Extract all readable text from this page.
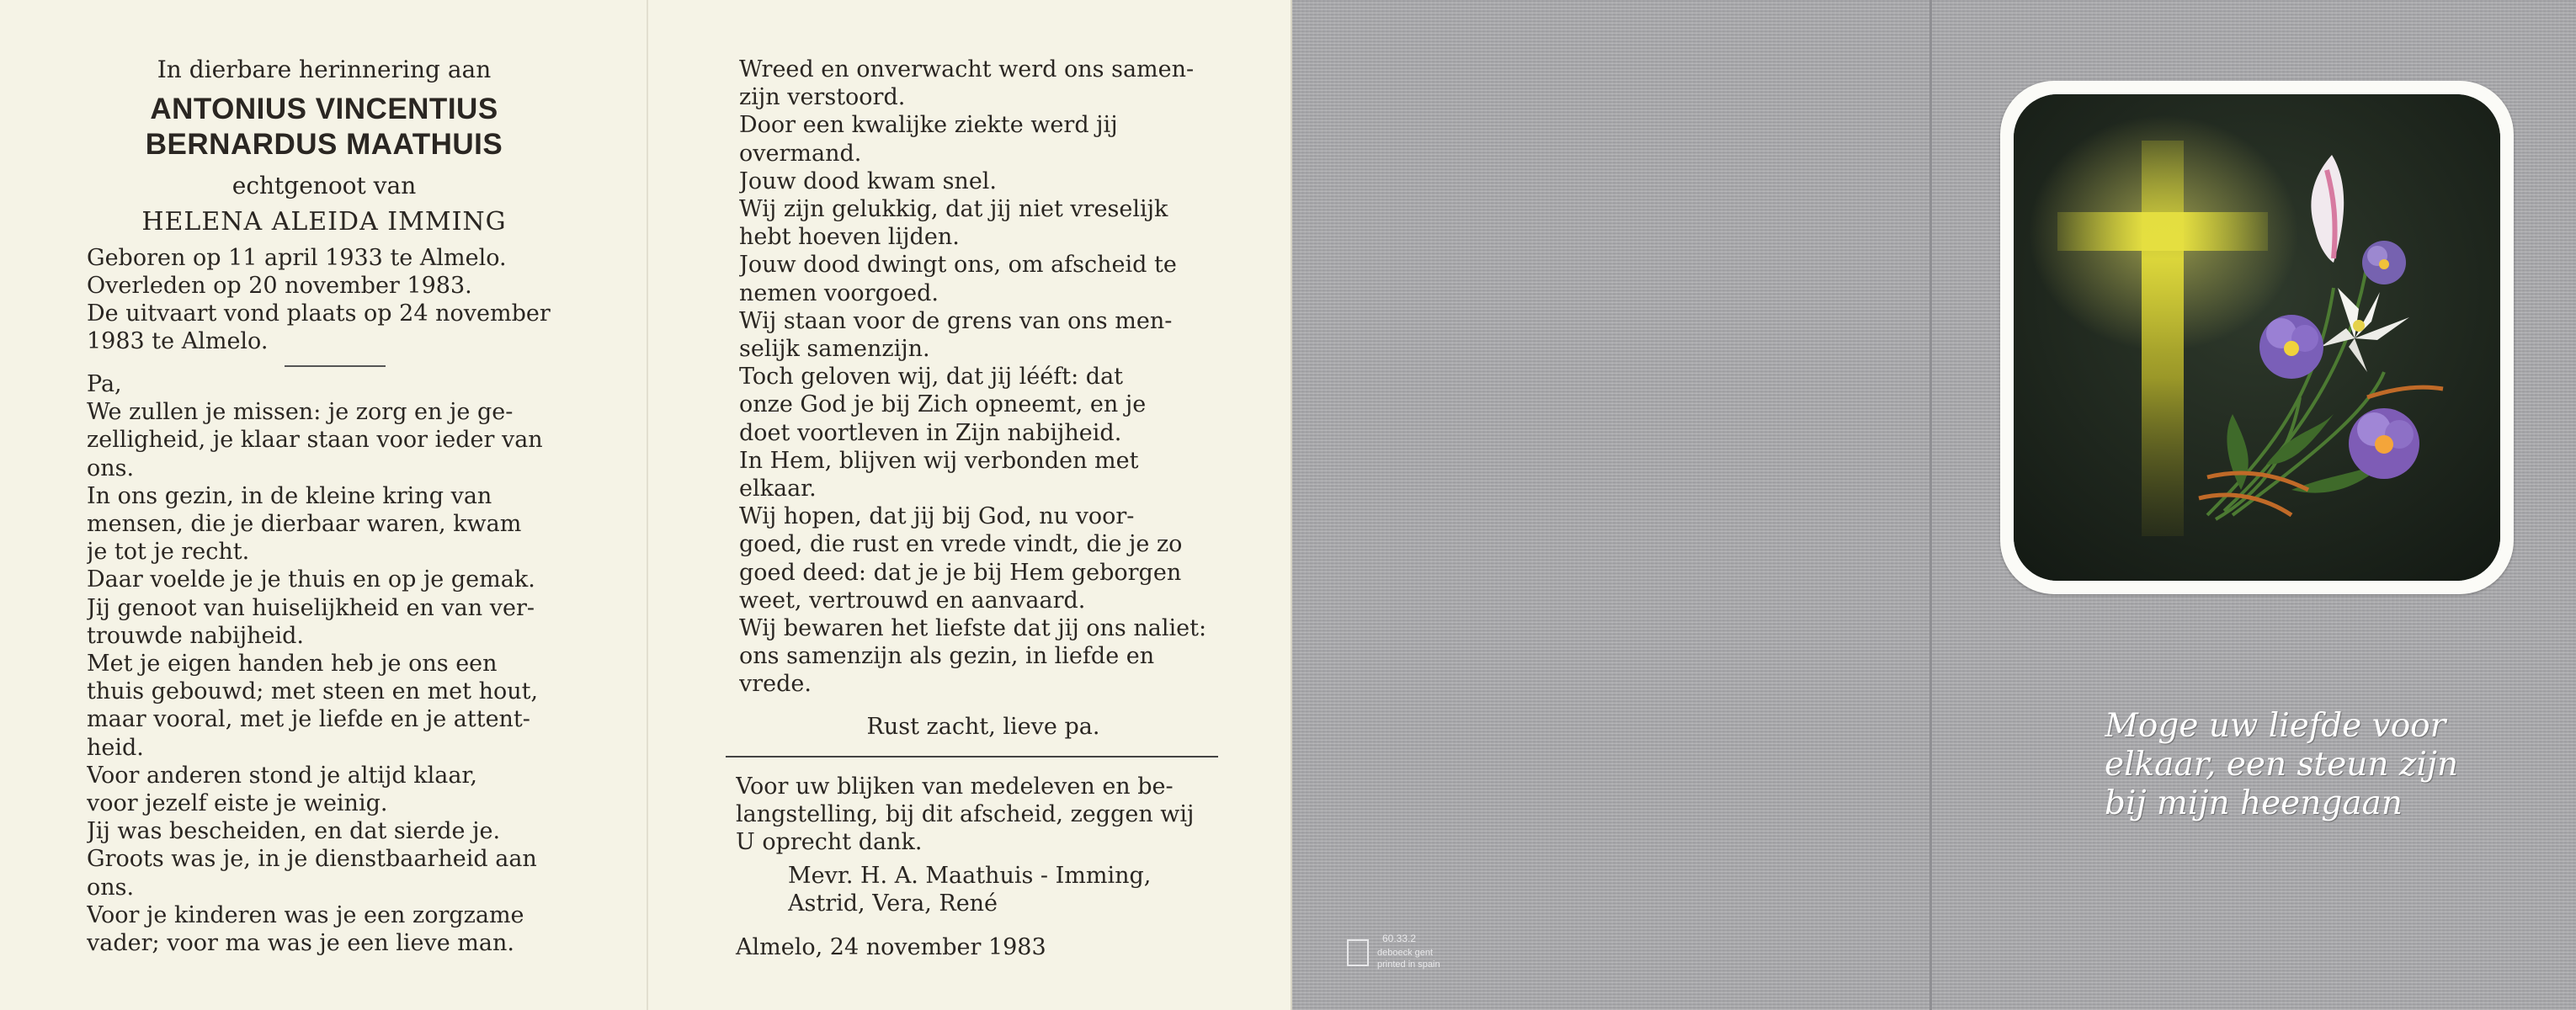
In dierbare herinnering aan
ANTONIUS VINCENTIUS
BERNARDUS MAATHUIS
echtgenoot van
HELENA ALEIDA IMMING
Geboren op 11 april 1933 te Almelo.
Overleden op 20 november 1983.
De uitvaart vond plaats op 24 november
1983 te Almelo.
Pa,
We zullen je missen: je zorg en je ge-
zelligheid, je klaar staan voor ieder van
ons.
In ons gezin, in de kleine kring van
mensen, die je dierbaar waren, kwam
je tot je recht.
Daar voelde je je thuis en op je gemak.
Jij genoot van huiselijkheid en van ver-
trouwde nabijheid.
Met je eigen handen heb je ons een
thuis gebouwd; met steen en met hout,
maar vooral, met je liefde en je attent-
heid.
Voor anderen stond je altijd klaar,
voor jezelf eiste je weinig.
Jij was bescheiden, en dat sierde je.
Groots was je, in je dienstbaarheid aan
ons.
Voor je kinderen was je een zorgzame
vader; voor ma was je een lieve man.
Wreed en onverwacht werd ons samen-
zijn verstoord.
Door een kwalijke ziekte werd jij
overmand.
Jouw dood kwam snel.
Wij zijn gelukkig, dat jij niet vreselijk
hebt hoeven lijden.
Jouw dood dwingt ons, om afscheid te
nemen voorgoed.
Wij staan voor de grens van ons men-
selijk samenzijn.
Toch geloven wij, dat jij lééft: dat
onze God je bij Zich opneemt, en je
doet voortleven in Zijn nabijheid.
In Hem, blijven wij verbonden met
elkaar.
Wij hopen, dat jij bij God, nu voor-
goed, die rust en vrede vindt, die je zo
goed deed: dat je je bij Hem geborgen
weet, vertrouwd en aanvaard.
Wij bewaren het liefste dat jij ons naliet:
ons samenzijn als gezin, in liefde en
vrede.
Rust zacht, lieve pa.
Voor uw blijken van medeleven en be-
langstelling, bij dit afscheid, zeggen wij
U oprecht dank.
Mevr. H. A. Maathuis - Imming,
Astrid, Vera, René
Almelo, 24 november 1983	60.33.2
deboeck gent
printed in spain
Moge uw liefde voor
elkaar, een steun zijn
bij mijn heengaan
